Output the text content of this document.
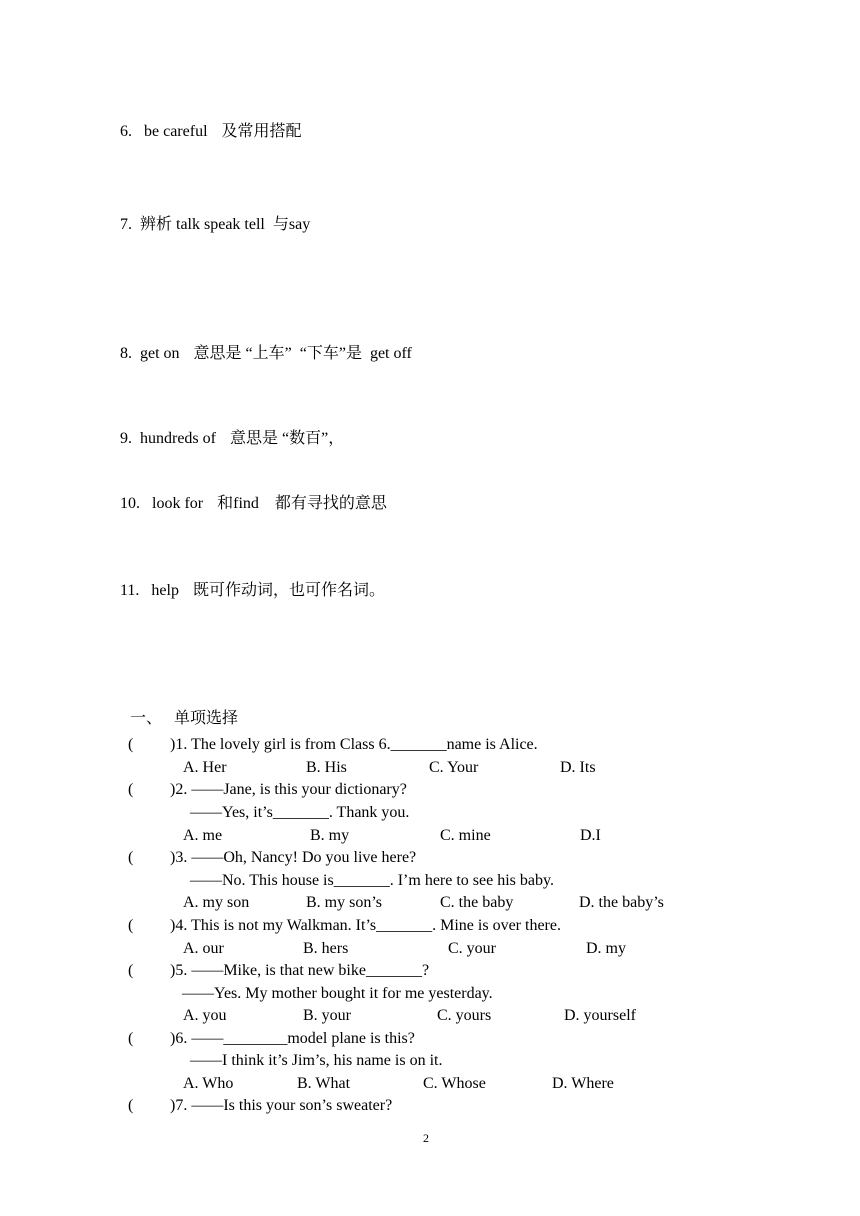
6. be careful 及常用搭配
7. 辨析 talk speak tell 与say
8. get on 意思是 “上车”  “下车”是  get off
9. hundreds of 意思是 “数百”，
10. look for 和find    都有寻找的意思
11. help 既可作动词，也可作名词。
一、 单项选择
( )1. The lovely girl is from Class 6._______name is Alice.
A. Her	B. His	C. Your	D. Its
( )2. ——Jane, is this your dictionary?
——Yes, it’s_______. Thank you.
A. me	B. my	C. mine	D.I
( )3. ——Oh, Nancy! Do you live here?
——No. This house is_______. I’m here to see his baby.
A. my son	B. my son’s	C. the baby	D. the baby’s
( )4. This is not my Walkman. It’s_______. Mine is over there.
A. our	B. hers	C. your	D. my
( )5. ——Mike, is that new bike_______?
——Yes. My mother bought it for me yesterday.
A. you	B. your	C. yours	D. yourself
( )6. ——________model plane is this?
——I think it’s Jim’s, his name is on it.
A. Who	B. What	C. Whose	D. Where
( )7. ——Is this your son’s sweater?
2
